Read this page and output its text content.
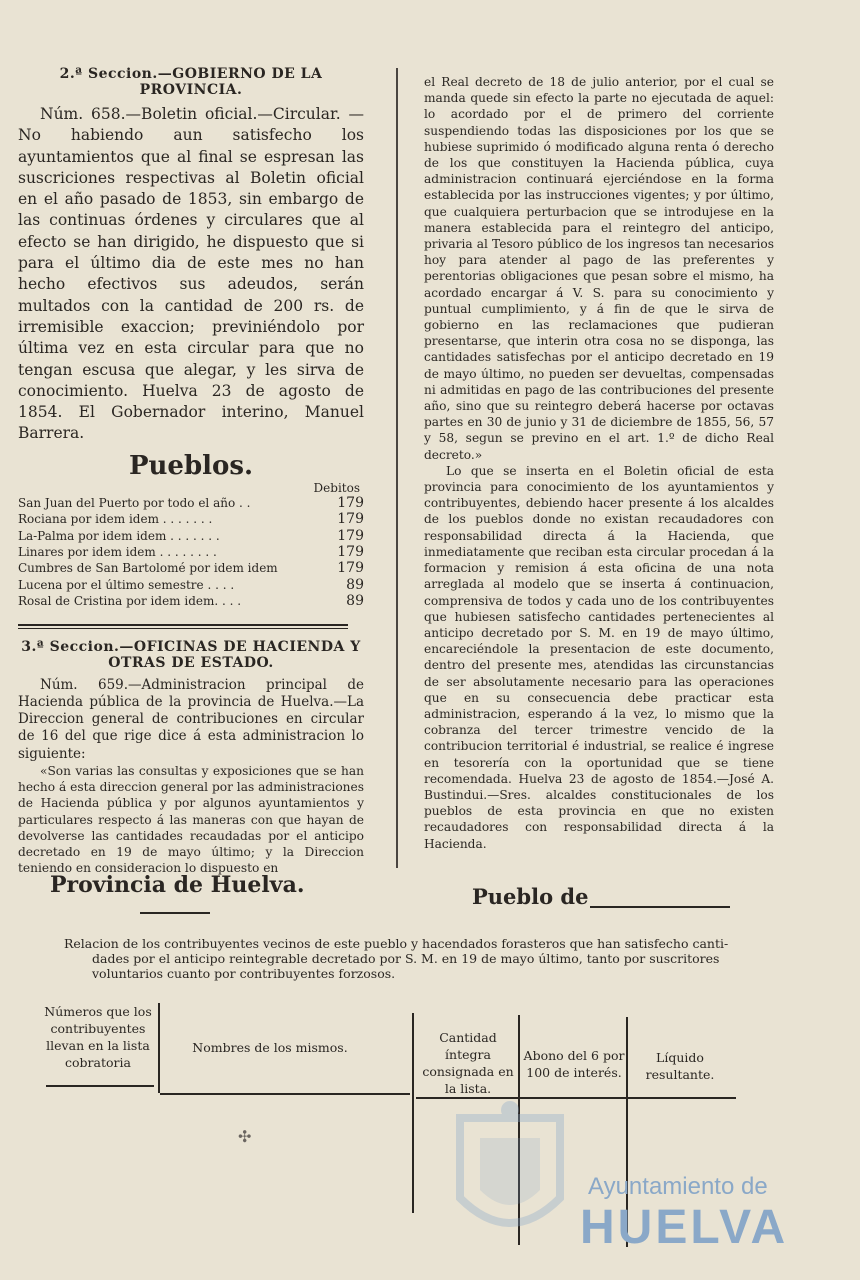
2.ª Seccion.—GOBIERNO DE LA PROVINCIA.

Núm. 658.—Boletin oficial.—Circular. —No habiendo aun satisfecho los ayuntamientos que al final se espresan las suscriciones respectivas al Boletin oficial en el año pasado de 1853, sin embargo de las continuas órdenes y circulares que al efecto se han dirigido, he dispuesto que si para el último dia de este mes no han hecho efectivos sus adeudos, serán multados con la cantidad de 200 rs. de irremisible exaccion; previniéndolo por última vez en esta circular para que no tengan escusa que alegar, y les sirva de conocimiento. Huelva 23 de agosto de 1854. El Gobernador interino, Manuel Barrera.

Pueblos.

Debitos

San Juan del Puerto por todo el año . .	179
Rociana por idem idem . . . . . . .	179
La-Palma por idem idem . . . . . . .	179
Linares por idem idem . . . . . . . .	179
Cumbres de San Bartolomé por idem idem	179
Lucena por el último semestre . . . .	89
Rosal de Cristina por idem idem. . . .	89

3.ª Seccion.—OFICINAS DE HACIENDA Y

OTRAS DE ESTADO.

Núm. 659.—Administracion principal de Hacienda pública de la provincia de Huelva.—La Direccion general de contribuciones en circular de 16 del que rige dice á esta administracion lo siguiente:

«Son varias las consultas y exposiciones que se han hecho á esta direccion general por las administraciones de Hacienda pública y por algunos ayuntamientos y particulares respecto á las maneras con que hayan de devolverse las cantidades recaudadas por el anticipo decretado en 19 de mayo último; y la Direccion teniendo en consideracion lo dispuesto en

el Real decreto de 18 de julio anterior, por el cual se manda quede sin efecto la parte no ejecutada de aquel: lo acordado por el de primero del corriente suspendiendo todas las disposiciones por los que se hubiese suprimido ó modificado alguna renta ó derecho de los que constituyen la Hacienda pública, cuya administracion continuará ejerciéndose en la forma establecida por las instrucciones vigentes; y por último, que cualquiera perturbacion que se introdujese en la manera establecida para el reintegro del anticipo, privaria al Tesoro público de los ingresos tan necesarios hoy para atender al pago de las preferentes y perentorias obligaciones que pesan sobre el mismo, ha acordado encargar á V. S. para su conocimiento y puntual cumplimiento, y á fin de que le sirva de gobierno en las reclamaciones que pudieran presentarse, que interin otra cosa no se disponga, las cantidades satisfechas por el anticipo decretado en 19 de mayo último, no pueden ser devueltas, compensadas ni admitidas en pago de las contribuciones del presente año, sino que su reintegro deberá hacerse por octavas partes en 30 de junio y 31 de diciembre de 1855, 56, 57 y 58, segun se previno en el art. 1.º de dicho Real decreto.»

Lo que se inserta en el Boletin oficial de esta provincia para conocimiento de los ayuntamientos y contribuyentes, debiendo hacer presente á los alcaldes de los pueblos donde no existan recaudadores con responsabilidad directa á la Hacienda, que inmediatamente que reciban esta circular procedan á la formacion y remision á esta oficina de una nota arreglada al modelo que se inserta á continuacion, comprensiva de todos y cada uno de los contribuyentes que hubiesen satisfecho cantidades pertenecientes al anticipo decretado por S. M. en 19 de mayo último, encareciéndole la presentacion de este documento, dentro del presente mes, atendidas las circunstancias de ser absolutamente necesario para las operaciones que en su consecuencia debe practicar esta administracion, esperando á la vez, lo mismo que la cobranza del tercer trimestre vencido de la contribucion territorial é industrial, se realice é ingrese en tesorería con la oportunidad que se tiene recomendada. Huelva 23 de agosto de 1854.—José A. Bustindui.—Sres. alcaldes constitucionales de los pueblos de esta provincia en que no existen recaudadores con responsabilidad directa á la Hacienda.

Provincia de Huelva.	Pueblo de
Relacion de los contribuyentes vecinos de este pueblo y hacendados forasteros que han satisfecho canti-
dades por el anticipo reintegrable decretado por S. M. en 19 de mayo último, tanto por suscritores voluntarios cuanto por contribuyentes forzosos.
Números que los contribuyentes llevan en la lista cobratoria
Nombres de los mismos.
Cantidad íntegra consignada en la lista.
Abono del 6 por 100 de interés.
Líquido resultante.
✣
Ayuntamiento de
HUELVA
